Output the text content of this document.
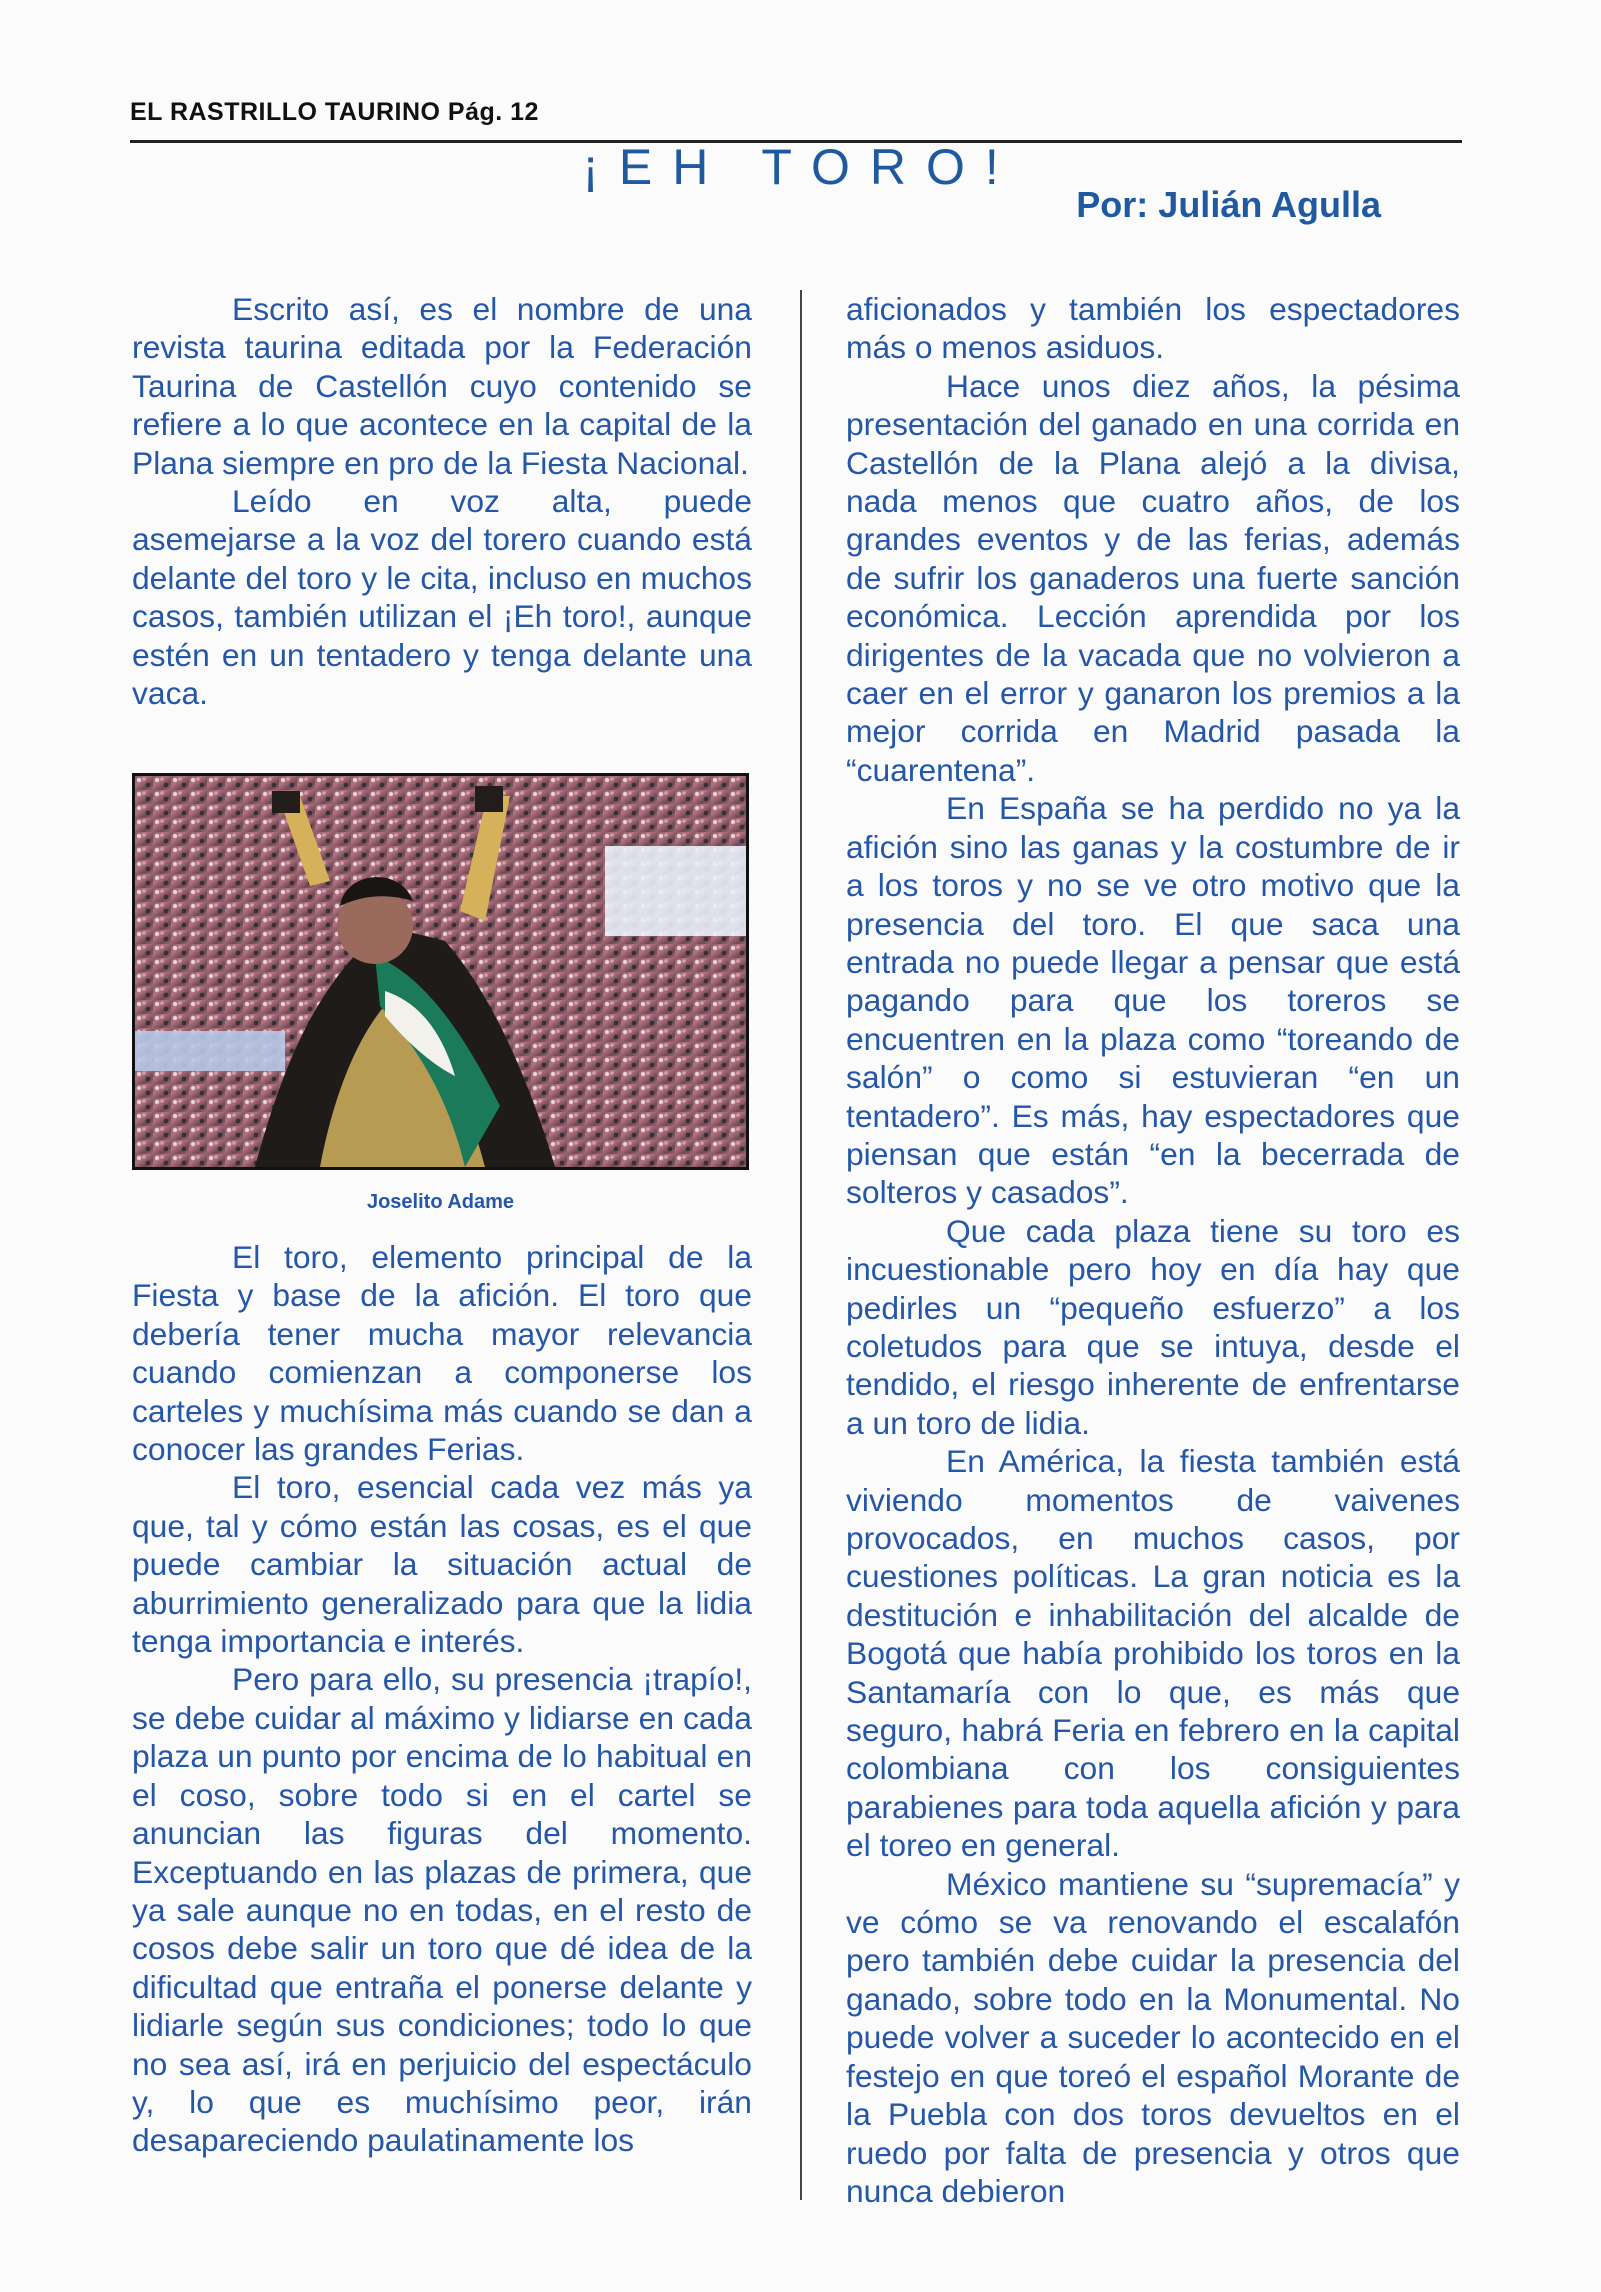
EL RASTRILLO TAURINO Pág. 12
¡EH TORO!
Por: Julián Agulla

Escrito así, es el nombre de una revista taurina editada por la Federación Taurina de Castellón cuyo contenido se refiere a lo que acontece en la capital de la Plana siempre en pro de la Fiesta Nacional.

Leído en voz alta, puede asemejarse a la voz del torero cuando está delante del toro y le cita, incluso en muchos casos, también utilizan el ¡Eh toro!, aunque estén en un tentadero y tenga delante una vaca.

Joselito Adame

El toro, elemento principal de la Fiesta y base de la afición. El toro que debería tener mucha mayor relevancia cuando comienzan a componerse los carteles y muchísima más cuando se dan a conocer las grandes Ferias.

El toro, esencial cada vez más ya que, tal y cómo están las cosas, es el que puede cambiar la situación actual de aburrimiento generalizado para que la lidia tenga importancia e interés.

Pero para ello, su presencia ¡trapío!, se debe cuidar al máximo y lidiarse en cada plaza un punto por encima de lo habitual en el coso, sobre todo si en el cartel se anuncian las figuras del momento. Exceptuando en las plazas de primera, que ya sale aunque no en todas, en el resto de cosos debe salir un toro que dé idea de la dificultad que entraña el ponerse delante y lidiarle según sus condiciones; todo lo que no sea así, irá en perjuicio del espectáculo y, lo que es muchísimo peor, irán desapareciendo paulatinamente los

aficionados y también los espectadores más o menos asiduos.

Hace unos diez años, la pésima presentación del ganado en una corrida en Castellón de la Plana alejó a la divisa, nada menos que cuatro años, de los grandes eventos y de las ferias, además de sufrir los ganaderos una fuerte sanción económica. Lección aprendida por los dirigentes de la vacada que no volvieron a caer en el error y ganaron los premios a la mejor corrida en Madrid pasada la “cuarentena”.

En España se ha perdido no ya la afición sino las ganas y la costumbre de ir a los toros y no se ve otro motivo que la presencia del toro. El que saca una entrada no puede llegar a pensar que está pagando para que los toreros se encuentren en la plaza como “toreando de salón” o como si estuvieran “en un tentadero”. Es más, hay espectadores que piensan que están “en la becerrada de solteros y casados”.

Que cada plaza tiene su toro es incuestionable pero hoy en día hay que pedirles un “pequeño esfuerzo” a los coletudos para que se intuya, desde el tendido, el riesgo inherente de enfrentarse a un toro de lidia.

En América, la fiesta también está viviendo momentos de vaivenes provocados, en muchos casos, por cuestiones políticas. La gran noticia es la destitución e inhabilitación del alcalde de Bogotá que había prohibido los toros en la Santamaría con lo que, es más que seguro, habrá Feria en febrero en la capital colombiana con los consiguientes parabienes para toda aquella afición y para el toreo en general.

México mantiene su “supremacía” y ve cómo se va renovando el escalafón pero también debe cuidar la presencia del ganado, sobre todo en la Monumental. No puede volver a suceder lo acontecido en el festejo en que toreó el español Morante de la Puebla con dos toros devueltos en el ruedo por falta de presencia y otros que nunca debieron
